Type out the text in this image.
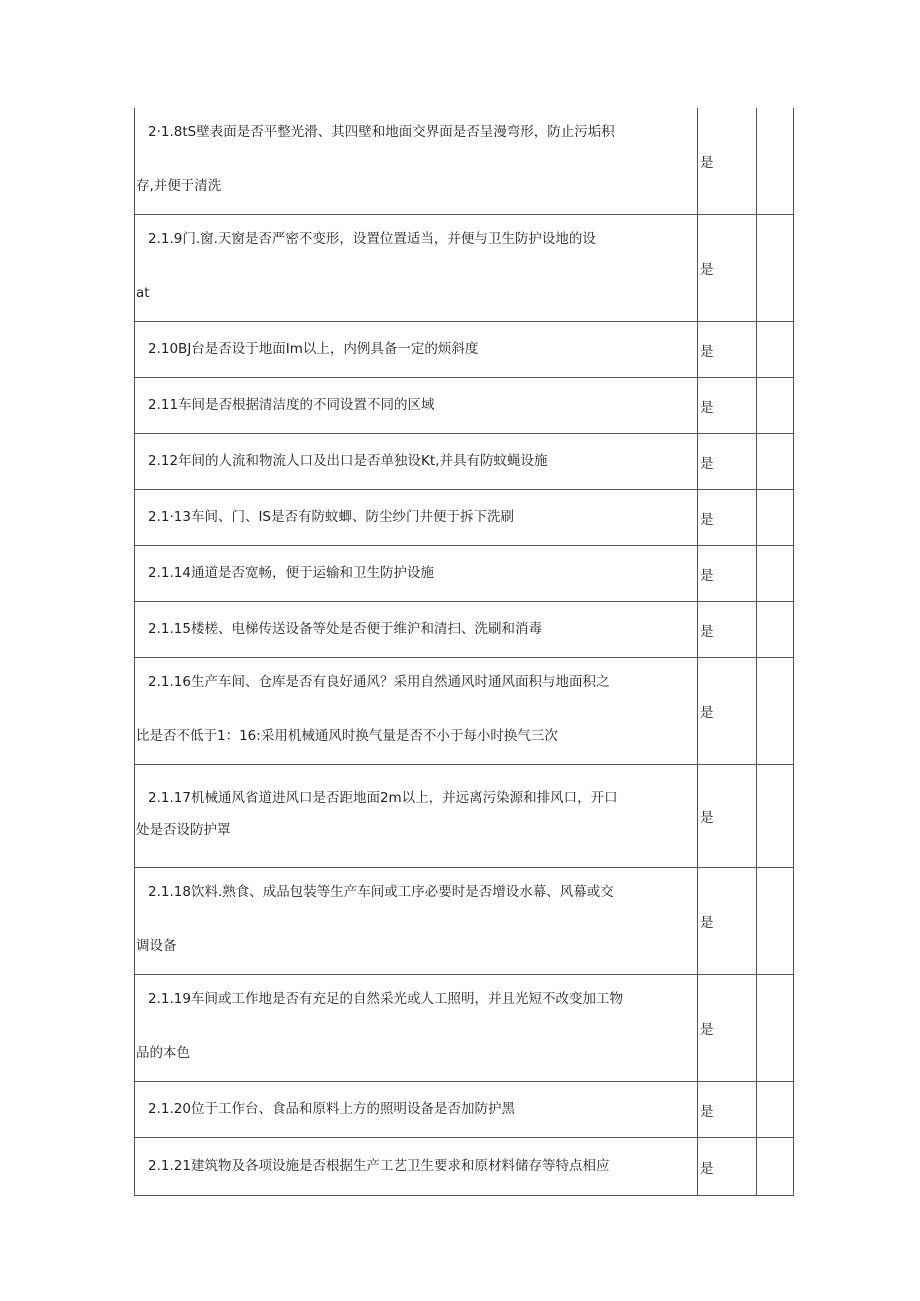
2·1.8tS壁表面是否平整光滑、其四壁和地面交界面是否呈漫弯形，防止污垢积
存,并便于清洗	是	

2.1.9门.窗.天窗是否严密不变形，设置位置适当，并便与卫生防护设地的设
at	是	

2.10BJ台是否设于地面Im以上，内例具备一定的烦斜度	是	

2.11车间是否根据清洁度的不同设置不同的区域	是	

2.12年间的人流和物流人口及出口是否单独设Kt,并具有防蚊蝇设施	是	

2.1·13车间、门、IS是否有防蚊蝍、防尘纱门井便于拆下洗刷	是	

2.1.14通道是否宽畅，便于运输和卫生防护设施	是	

2.1.15楼槎、电梯传送设备等处是否便于维沪和清扫、洗刷和消毒	是	

2.1.16生产车间、仓库是否有良好通风？采用自然通风时通风面积与地面积之
比是否不低于1：16:采用机械通风时换气量是否不小于每小时换气三次	是	

2.1.17机械通风省道进风口是否距地面2m以上，并远离污染源和排风口，开口
处是否设防护罩	是	

2.1.18饮料.熟食、成品包装等生产车间或工序必要时是否增设水幕、风幕或交
调设备	是	

2.1.19车间或工作地是否有充足的自然采光或人工照明，并且光短不改变加工物
品的本色	是	

2.1.20位于工作台、食品和原料上方的照明设备是否加防护黑	是	

2.1.21建筑物及各项设施是否根据生产工艺卫生要求和原材料储存等特点相应	是	
